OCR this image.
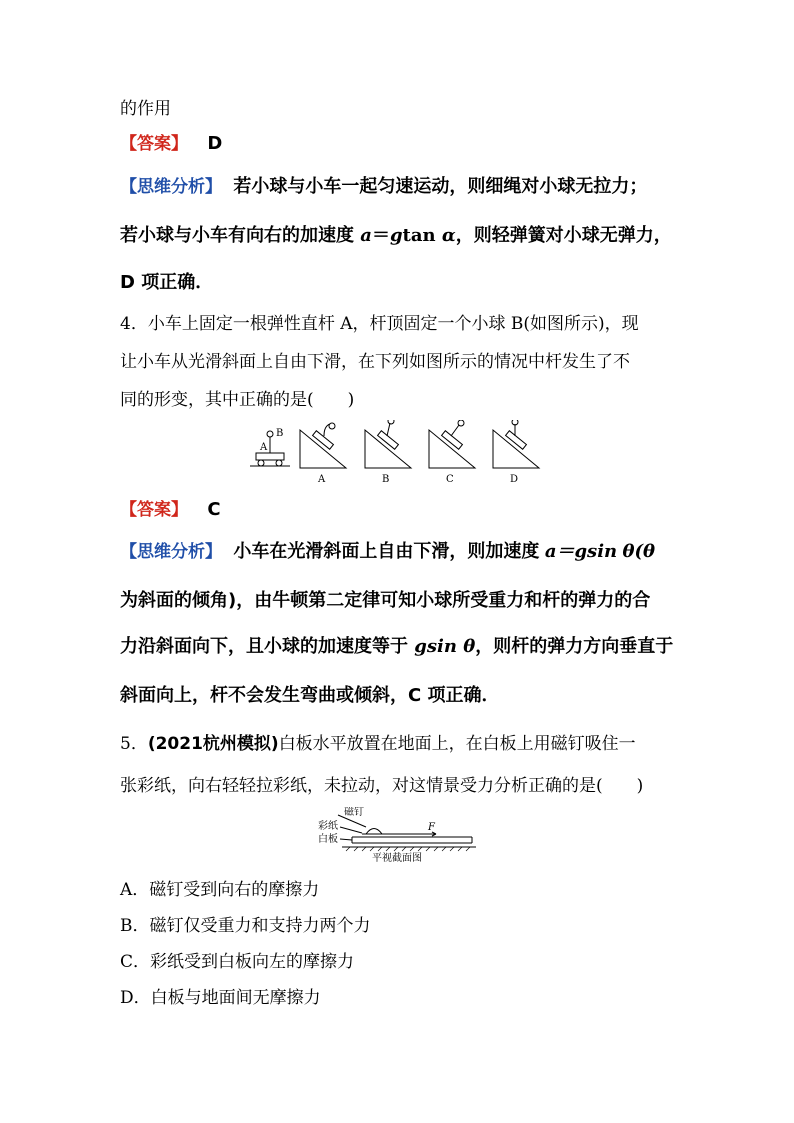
的作用
【答案】 D
【思维分析】 若小球与小车一起匀速运动，则细绳对小球无拉力；
若小球与小车有向右的加速度 a＝gtan α，则轻弹簧对小球无弹力，
D 项正确．
4．小车上固定一根弹性直杆 A，杆顶固定一个小球 B(如图所示)，现
让小车从光滑斜面上自由下滑，在下列如图所示的情况中杆发生了不
同的形变，其中正确的是(　　)
A
B
A	B	C	D
【答案】 C
【思维分析】 小车在光滑斜面上自由下滑，则加速度 a＝gsin θ(θ
为斜面的倾角)，由牛顿第二定律可知小球所受重力和杆的弹力的合
力沿斜面向下，且小球的加速度等于 gsin θ，则杆的弹力方向垂直于
斜面向上，杆不会发生弯曲或倾斜，C 项正确．
5．(2021杭州模拟)白板水平放置在地面上，在白板上用磁钉吸住一
张彩纸，向右轻轻拉彩纸，未拉动，对这情景受力分析正确的是(　　)
磁钉
彩纸
白板
F
平视截面图
A．磁钉受到向右的摩擦力
B．磁钉仅受重力和支持力两个力
C．彩纸受到白板向左的摩擦力
D．白板与地面间无摩擦力
